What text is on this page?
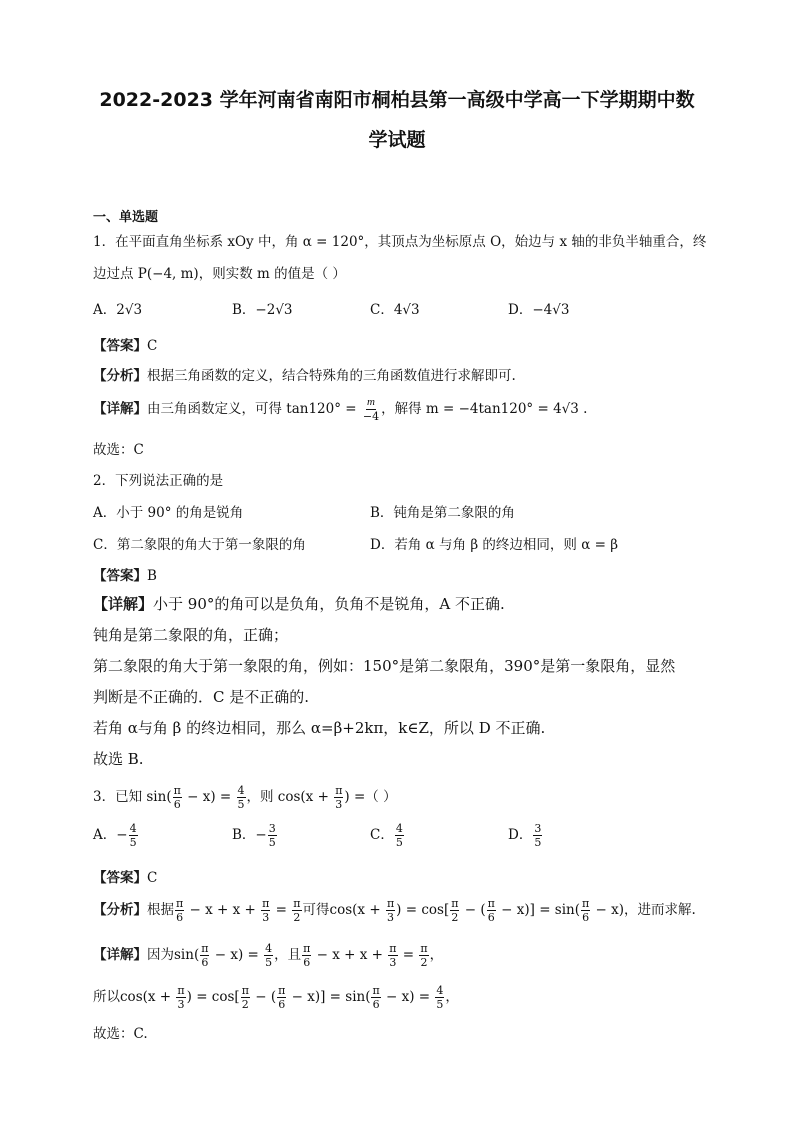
2022-2023 学年河南省南阳市桐柏县第一高级中学高一下学期期中数
学试题
一、单选题
1．在平面直角坐标系 xOy 中，角 α = 120°，其顶点为坐标原点 O，始边与 x 轴的非负半轴重合，终
边过点 P(−4, m)，则实数 m 的值是（ ）
A．2√3	B．−2√3	C．4√3	D．−4√3
【答案】C
【分析】根据三角函数的定义，结合特殊角的三角函数值进行求解即可.
【详解】由三角函数定义，可得 $\tan 120^\circ = \frac{m}{-4}$ ，解得 m = −4tan120° = 4√3 .
故选：C
2．下列说法正确的是
A．小于 90° 的角是锐角	B．钝角是第二象限的角
C．第二象限的角大于第一象限的角	D．若角 α 与角 β 的终边相同，则 α = β
【答案】B
【详解】小于 90°的角可以是负角，负角不是锐角，A 不正确.
钝角是第二象限的角，正确；
第二象限的角大于第一象限的角，例如：150°是第二象限角，390°是第一象限角，显然
判断是不正确的．C 是不正确的.
若角 α与角 β 的终边相同，那么 α=β+2kπ，k∈Z，所以 D 不正确.
故选 B.
3．已知 $\sin( \frac{\pi}{6} - x) = \frac{4}{5}$ ，则 $\cos(x + \frac{\pi}{3}$ ) =（ ）
A．− $\frac{4}{5}$	B．− $\frac{3}{5}$	C． $\frac{4}{5}$	D． $\frac{3}{5}$
【答案】C
【分析】根据 $\frac{\pi}{6} - x + x + \frac{\pi}{3} = \frac{\pi}{2}$ 可得$\cos(x + \frac{\pi}{3}$ ) = $\cos[ \frac{\pi}{2}$ − ( $\frac{\pi}{6} - x)] = \sin( \frac{\pi}{6} - x)$，进而求解.
【详解】因为$\sin( \frac{\pi}{6} - x) = \frac{4}{5}$ ，且 $\frac{\pi}{6} - x + x + \frac{\pi}{3} = \frac{\pi}{2}$ ，
所以$\cos(x + \frac{\pi}{3}$ ) = $\cos[ \frac{\pi}{2}$ − ( $\frac{\pi}{6} - x)] = \sin( \frac{\pi}{6} - x) = \frac{4}{5}$ ，
故选：C.
